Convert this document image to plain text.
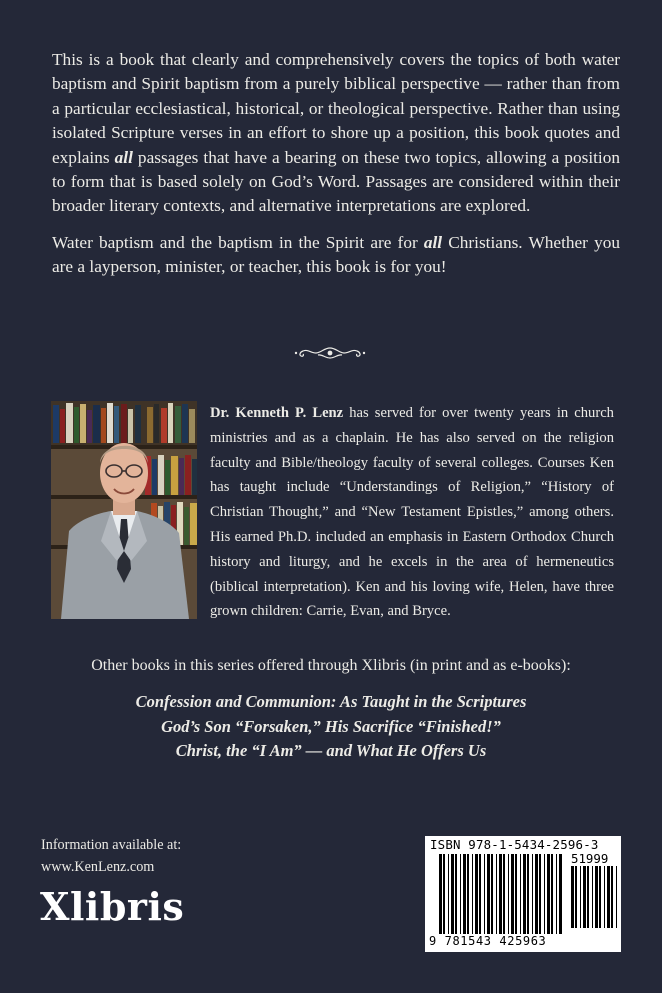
This is a book that clearly and comprehensively covers the topics of both water baptism and Spirit baptism from a purely biblical perspective — rather than from a particular ecclesiastical, historical, or theological perspective. Rather than using isolated Scripture verses in an effort to shore up a position, this book quotes and explains all passages that have a bearing on these two topics, allowing a position to form that is based solely on God’s Word. Passages are considered within their broader literary contexts, and alternative interpretations are explored.

Water baptism and the baptism in the Spirit are for all Christians. Whether you are a layperson, minister, or teacher, this book is for you!

Dr. Kenneth P. Lenz has served for over twenty years in church ministries and as a chaplain. He has also served on the religion faculty and Bible/theology faculty of several colleges. Courses Ken has taught include “Understandings of Religion,” “History of Christian Thought,” and “New Testament Epistles,” among others. His earned Ph.D. included an emphasis in Eastern Orthodox Church history and liturgy, and he excels in the area of hermeneutics (biblical interpretation). Ken and his loving wife, Helen, have three grown children: Carrie, Evan, and Bryce.

Other books in this series offered through Xlibris (in print and as e-books):

Confession and Communion: As Taught in the Scriptures
God’s Son “Forsaken,” His Sacrifice “Finished!”
Christ, the “I Am” — and What He Offers Us
Information available at:
www.KenLenz.com
Xlibris
ISBN 978-1-5434-2596-3
51999
9 781543 425963
